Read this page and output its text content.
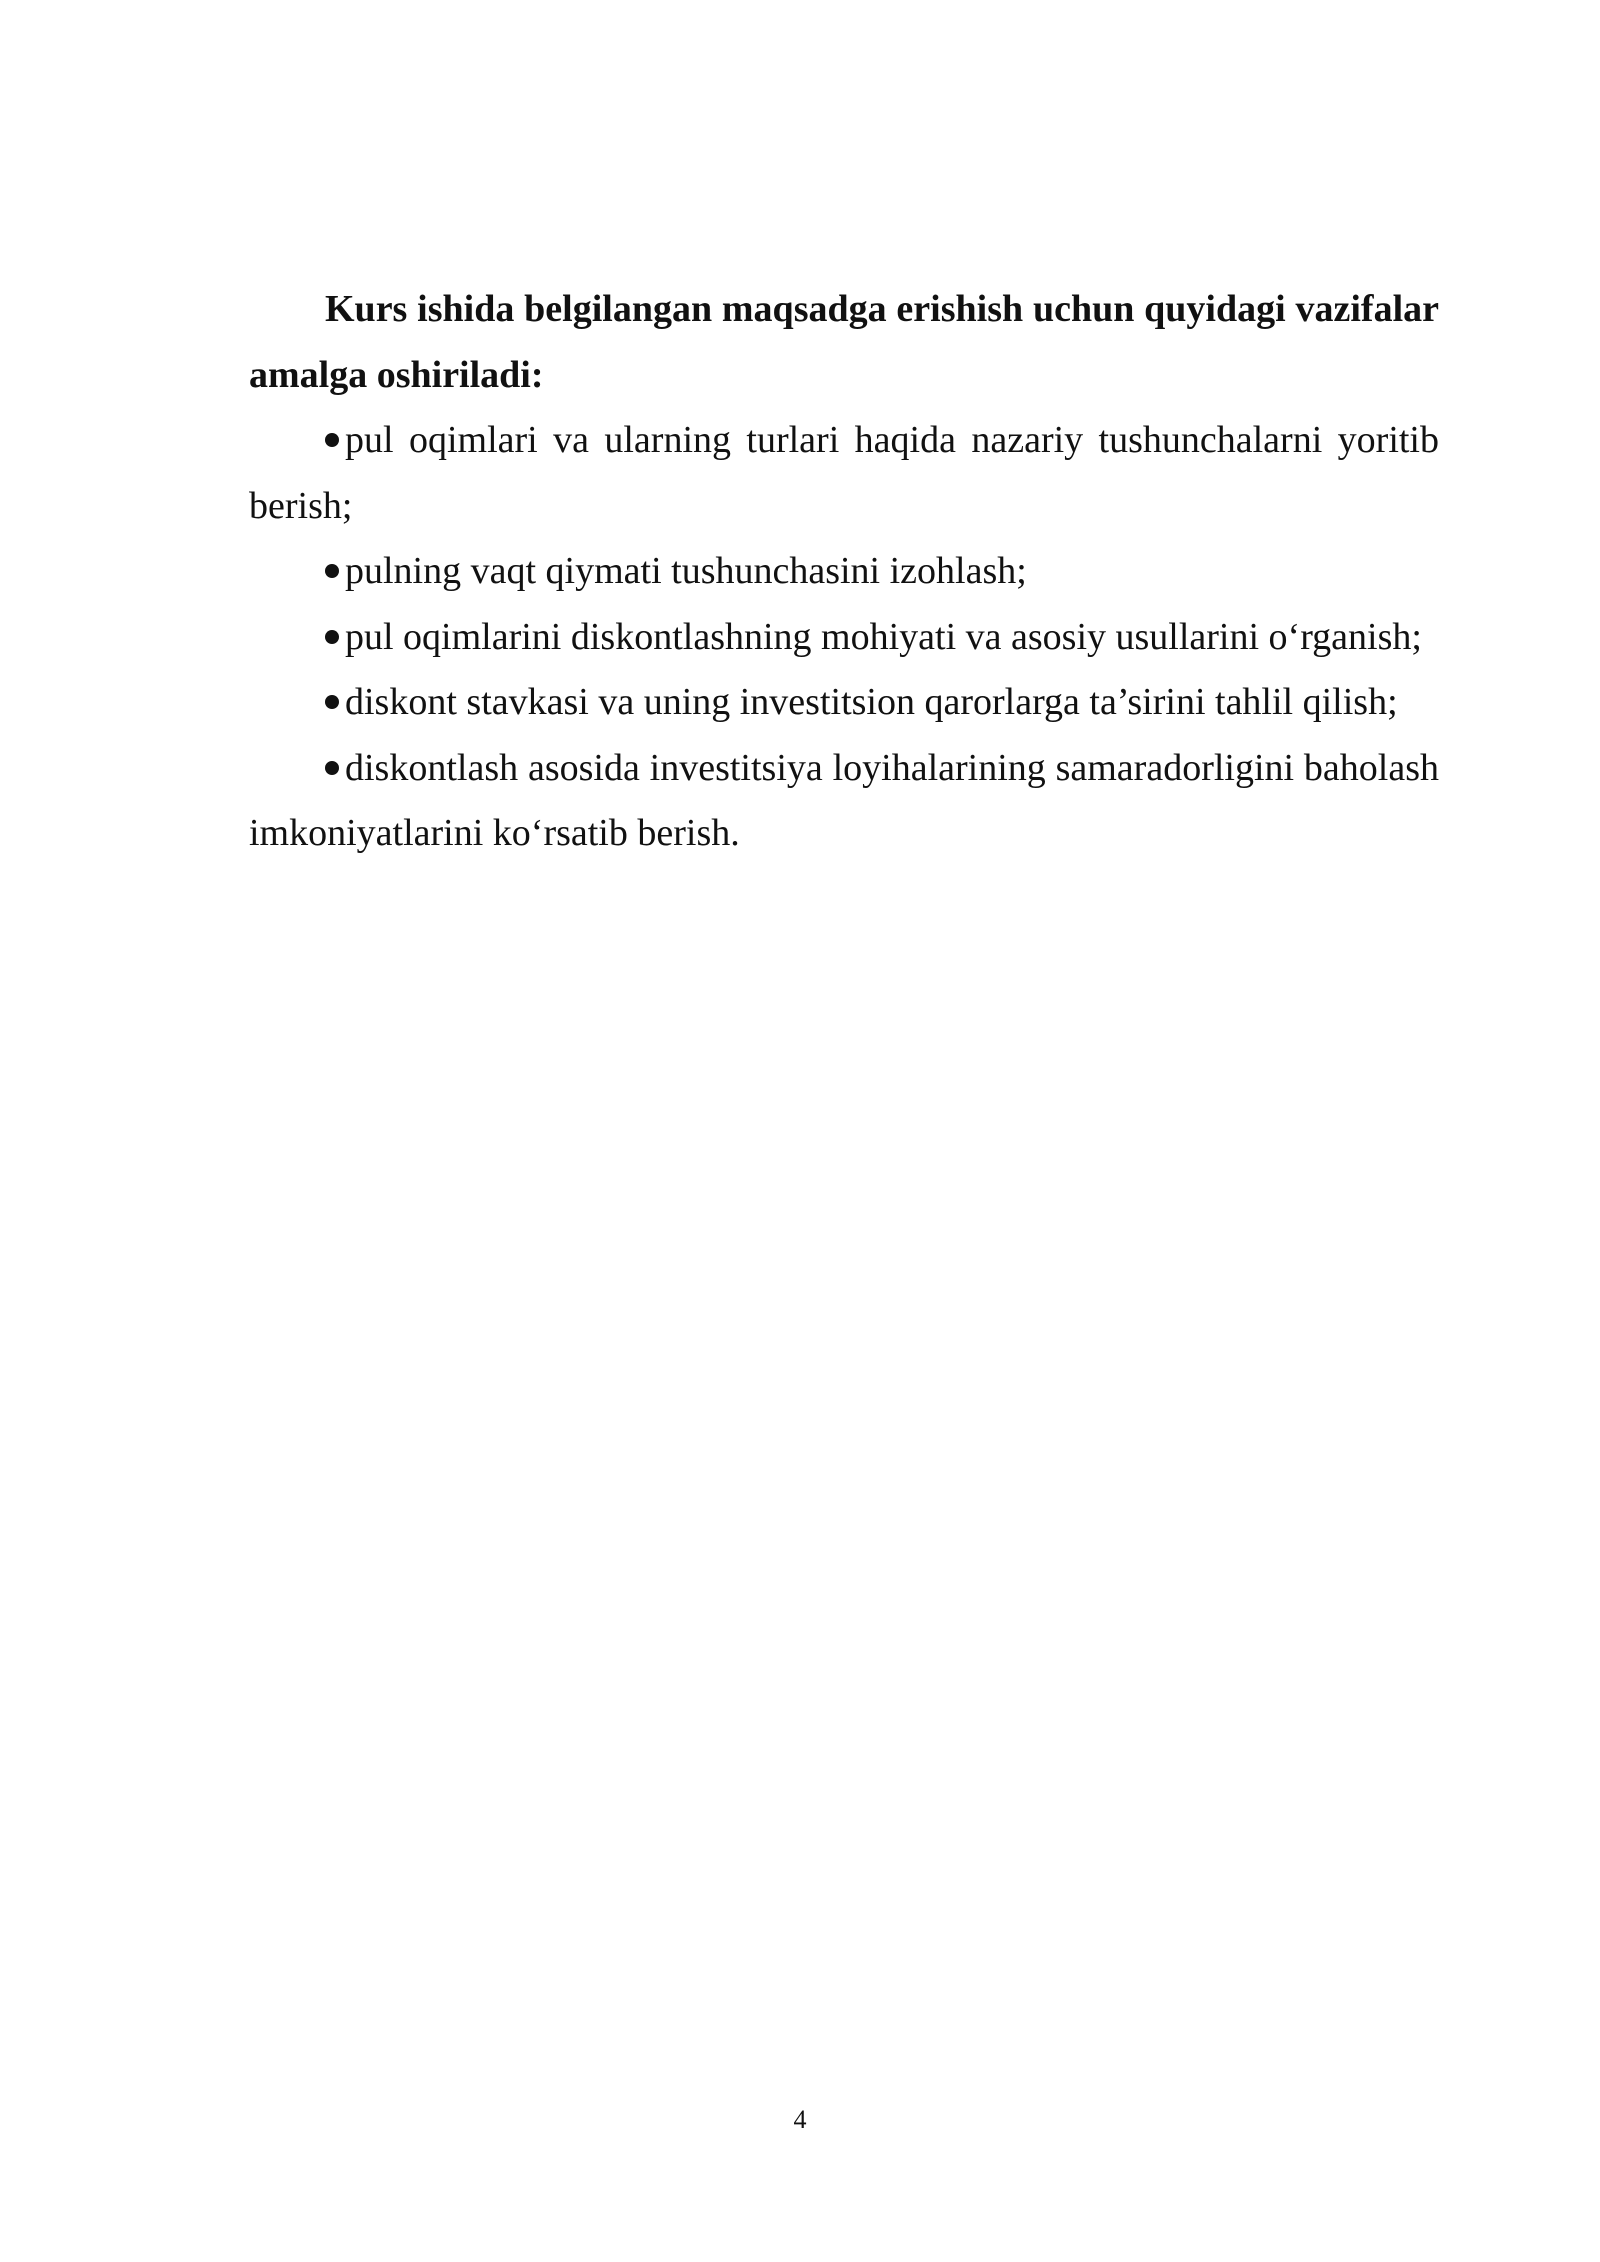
Kurs ishida belgilangan maqsadga erishish uchun quyidagi vazifalar amalga oshiriladi:

pul oqimlari va ularning turlari haqida nazariy tushunchalarni yoritib berish;

pulning vaqt qiymati tushunchasini izohlash;

pul oqimlarini diskontlashning mohiyati va asosiy usullarini o‘rganish;

diskont stavkasi va uning investitsion qarorlarga ta’sirini tahlil qilish;

diskontlash asosida investitsiya loyihalarining samaradorligini baholash imkoniyatlarini ko‘rsatib berish.

4
